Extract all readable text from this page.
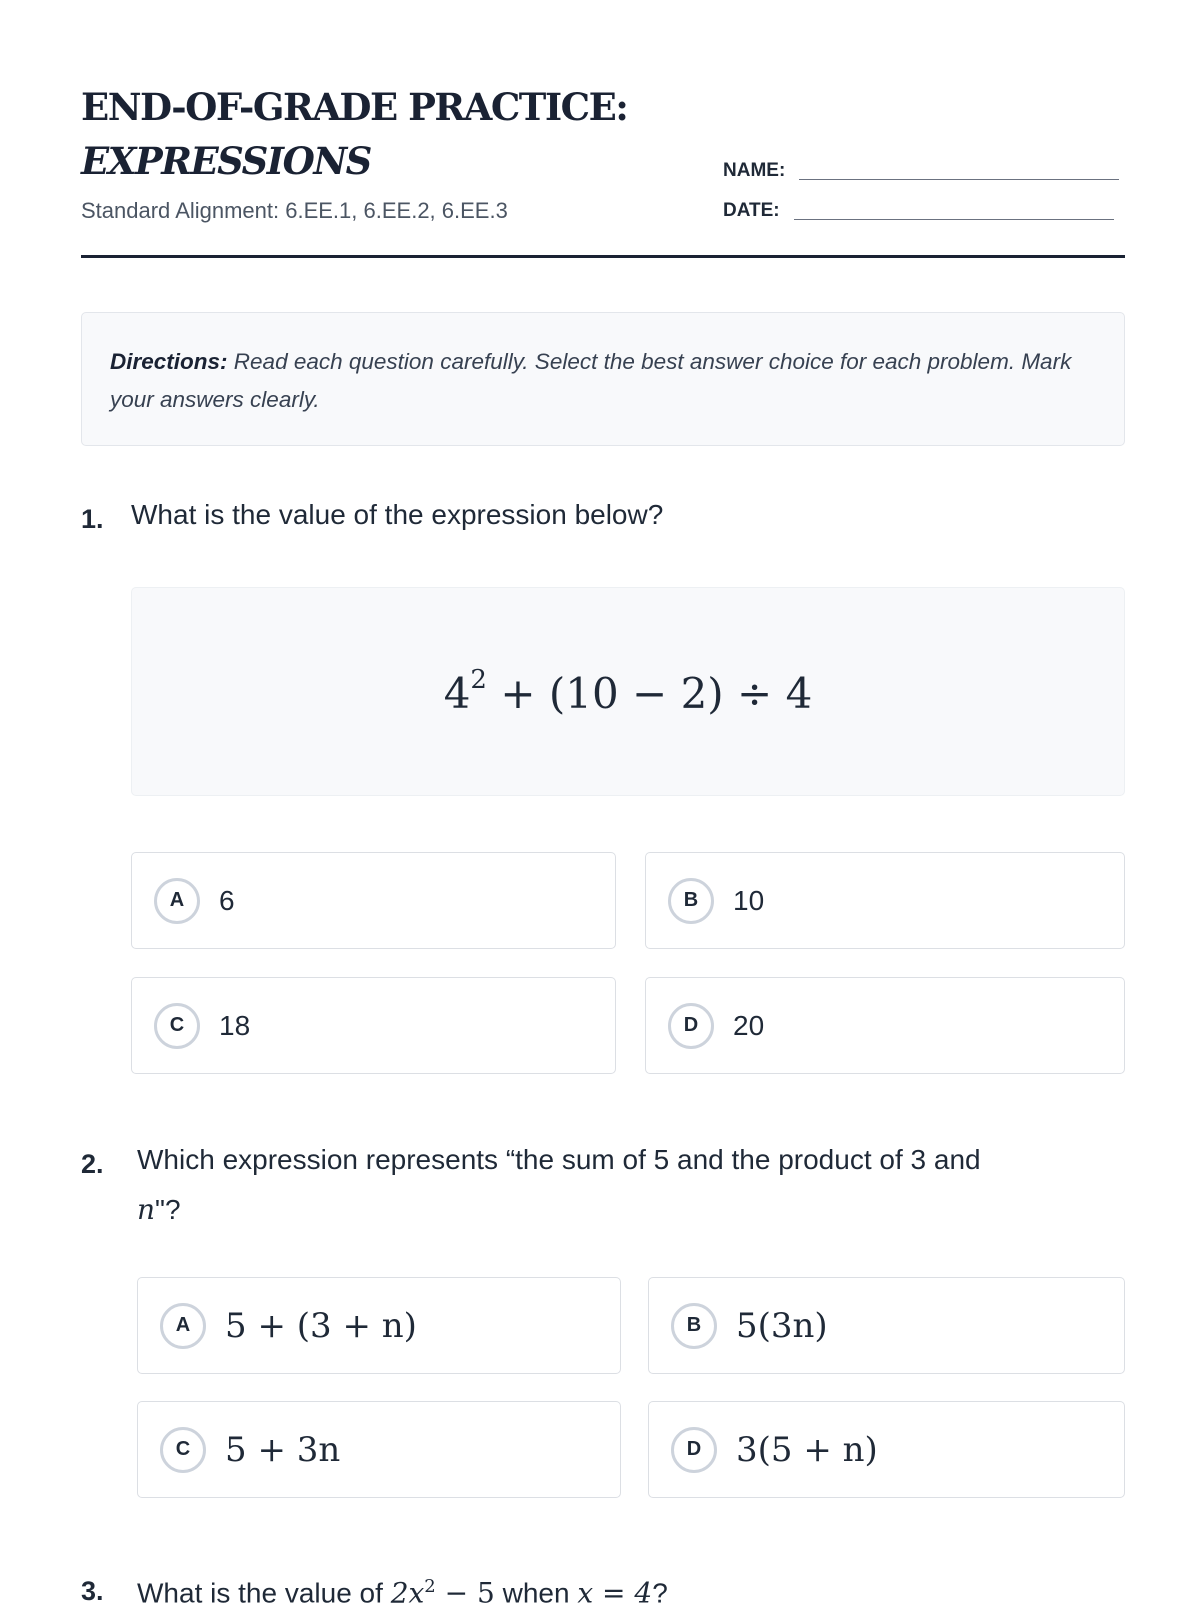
END-OF-GRADE PRACTICE:
EXPRESSIONS
Standard Alignment: 6.EE.1, 6.EE.2, 6.EE.3
NAME:
DATE:
Directions: Read each question carefully. Select the best answer choice for each problem. Mark your answers clearly.
1. What is the value of the expression below?
$4^2 + (10 - 2) \div 4$
A	6	B	10
C	18	D	20
2. Which expression represents “the sum of 5 and the product of 3 and
n"?
A	5 + (3 + n)	B	5(3n)
C	5 + 3n	D	3(5 + n)
3. What is the value of $2x^2 - 5$ when x = 4?
